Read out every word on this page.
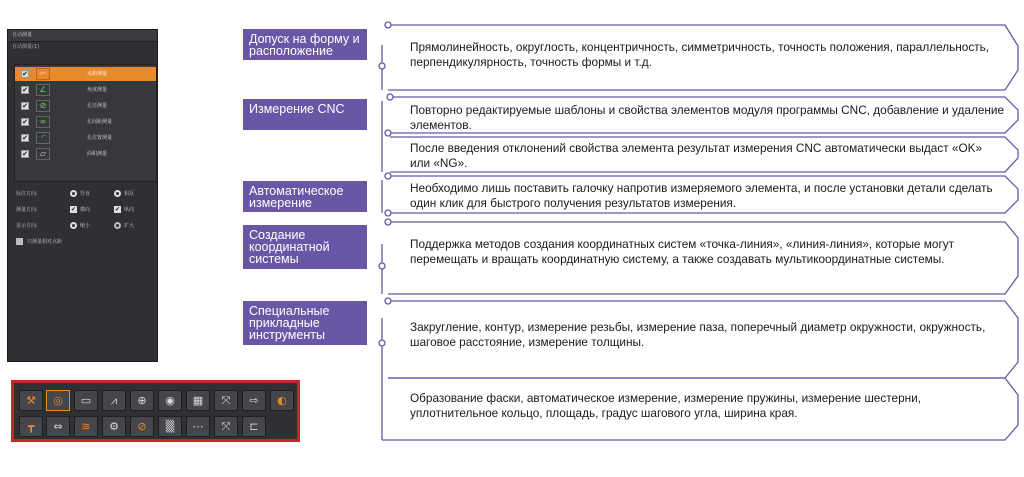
自动测量
自动测量(1)
✔	⌐	点距测量
✔	∠	角度测量
✔	⊘	孔径测量
✔	∞	孔间距测量
✔	◜	孔位置测量
✔	▱	面积测量
标注方向:	竖直	相反
测量方向:	✔ 横向	✔ 纵向
显示方向:	缩小	扩大
只测量相对点距
⚒	◎	▭	⩘	⊕	◉	▦	⤧	⇨	◐
┳	⇔	≋	⚙	⊘	▒	⋯	⤧	⊏
Допуск на форму и расположение
Измерение CNC
Автоматическое измерение
Создание координатной системы
Специальные прикладные инструменты
Прямолинейность, округлость, концентричность, симметричность, точность положения, параллельность, перпендикулярность, точность формы и т.д.
Повторно редактируемые шаблоны и свойства элементов модуля программы CNC, добавление и удаление элементов.
После введения отклонений свойства элемента результат измерения CNC автоматически выдаст «OK» или «NG».
Необходимо лишь поставить галочку напротив измеряемого элемента, и после установки детали сделать один клик для быстрого получения результатов измерения.
Поддержка методов создания координатных систем «точка-линия», «линия-линия», которые могут перемещать и вращать координатную систему, а также создавать мультикоординатные системы.
Закругление, контур, измерение резьбы, измерение паза, поперечный диаметр окружности, окружность, шаговое расстояние, измерение толщины.
Образование фаски, автоматическое измерение, измерение пружины, измерение шестерни, уплотнительное кольцо, площадь, градус шагового угла, ширина края.
